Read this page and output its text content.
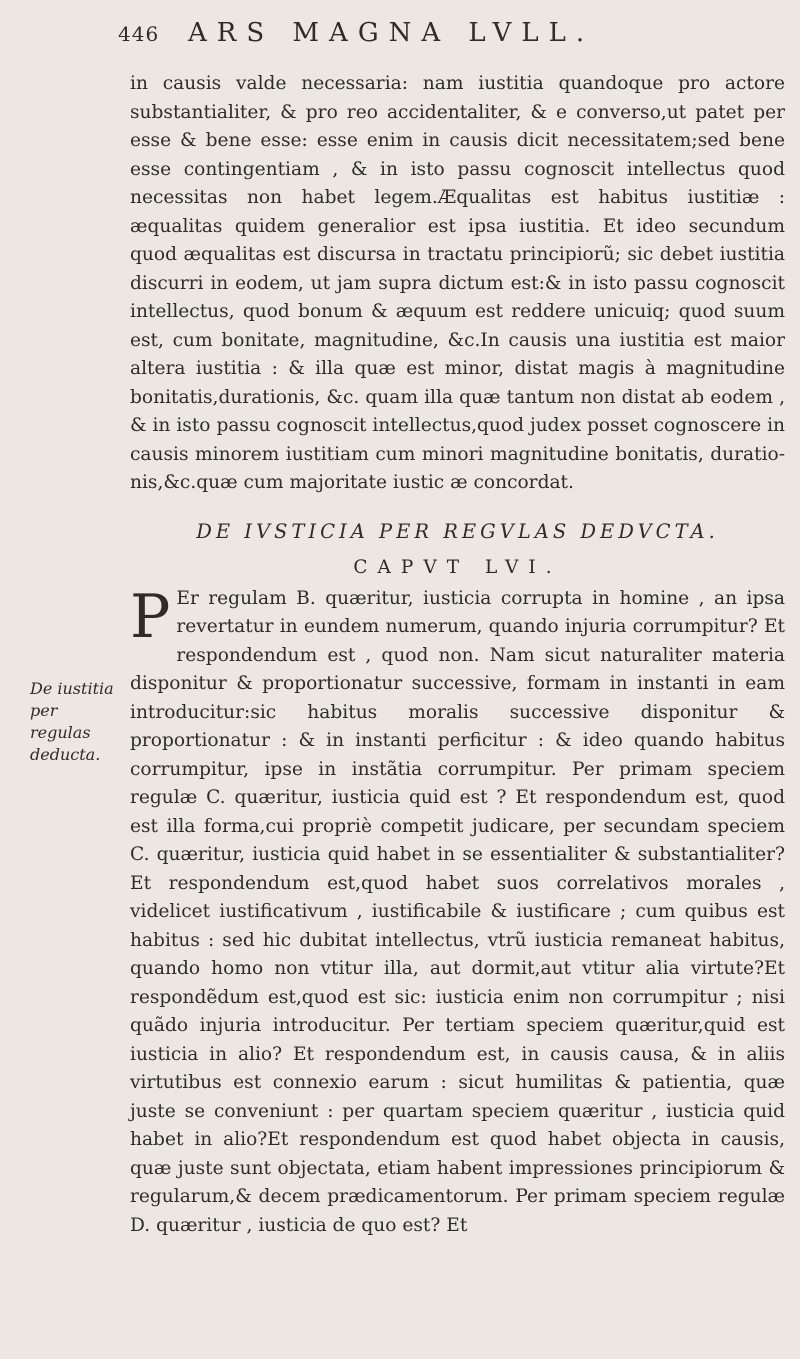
446 ARS MAGNA LVLL.
De iustitia per regulas deducta.

in causis valde necessaria: nam iustitia quandoque pro actore substantialiter, & pro reo accidentaliter, & e converso,ut patet per esse & bene esse: esse enim in causis dicit necessitatem;sed bene esse contingentiam , & in isto passu cognoscit intellectus quod necessitas non habet legem.Æqualitas est habitus iustitiæ : æqualitas quidem generalior est ipsa iustitia. Et ideo secundum quod æqualitas est discursa in tractatu principiorũ; sic debet iustitia discurri in eodem, ut jam supra dictum est:& in isto passu cognoscit intellectus, quod bonum & æquum est reddere unicuiq; quod suum est, cum bonitate, magnitudine, &c.In causis una iustitia est maior altera iustitia : & illa quæ est minor, distat magis à magnitudine bonitatis,durationis, &c. quam illa quæ tantum non distat ab eodem , & in isto passu cognoscit intellectus,quod judex posset cognoscere in causis minorem iustitiam cum minori magnitudine bonitatis, duratio-nis,&c.quæ cum majoritate iustic æ concordat.

DE IVSTICIA PER REGVLAS DEDVCTA.
CAPVT LVI.

P Er regulam B. quæritur, iusticia corrupta in homine , an ipsa revertatur in eundem numerum, quando injuria corrumpitur? Et respondendum est , quod non. Nam sicut naturaliter materia disponitur & proportionatur successive, formam in instanti in eam introducitur:sic habitus moralis successive disponitur & proportionatur : & in instanti perficitur : & ideo quando habitus corrumpitur, ipse in instãtia corrumpitur. Per primam speciem regulæ C. quæritur, iusticia quid est ? Et respondendum est, quod est illa forma,cui propriè competit judicare, per secundam speciem C. quæritur, iusticia quid habet in se essentialiter & substantialiter?Et respondendum est,quod habet suos correlativos morales , videlicet iustificativum , iustificabile & iustificare ; cum quibus est habitus : sed hic dubitat intellectus, vtrũ iusticia remaneat habitus, quando homo non vtitur illa, aut dormit,aut vtitur alia virtute?Et respondẽdum est,quod est sic: iusticia enim non corrumpitur ; nisi quãdo injuria introducitur. Per tertiam speciem quæritur,quid est iusticia in alio? Et respondendum est, in causis causa, & in aliis virtutibus est connexio earum : sicut humilitas & patientia, quæ juste se conveniunt : per quartam speciem quæritur , iusticia quid habet in alio?Et respondendum est quod habet objecta in causis, quæ juste sunt objectata, etiam habent impressiones principiorum & regularum,& decem prædicamentorum. Per primam speciem regulæ D. quæritur , iusticia de quo est? Et
